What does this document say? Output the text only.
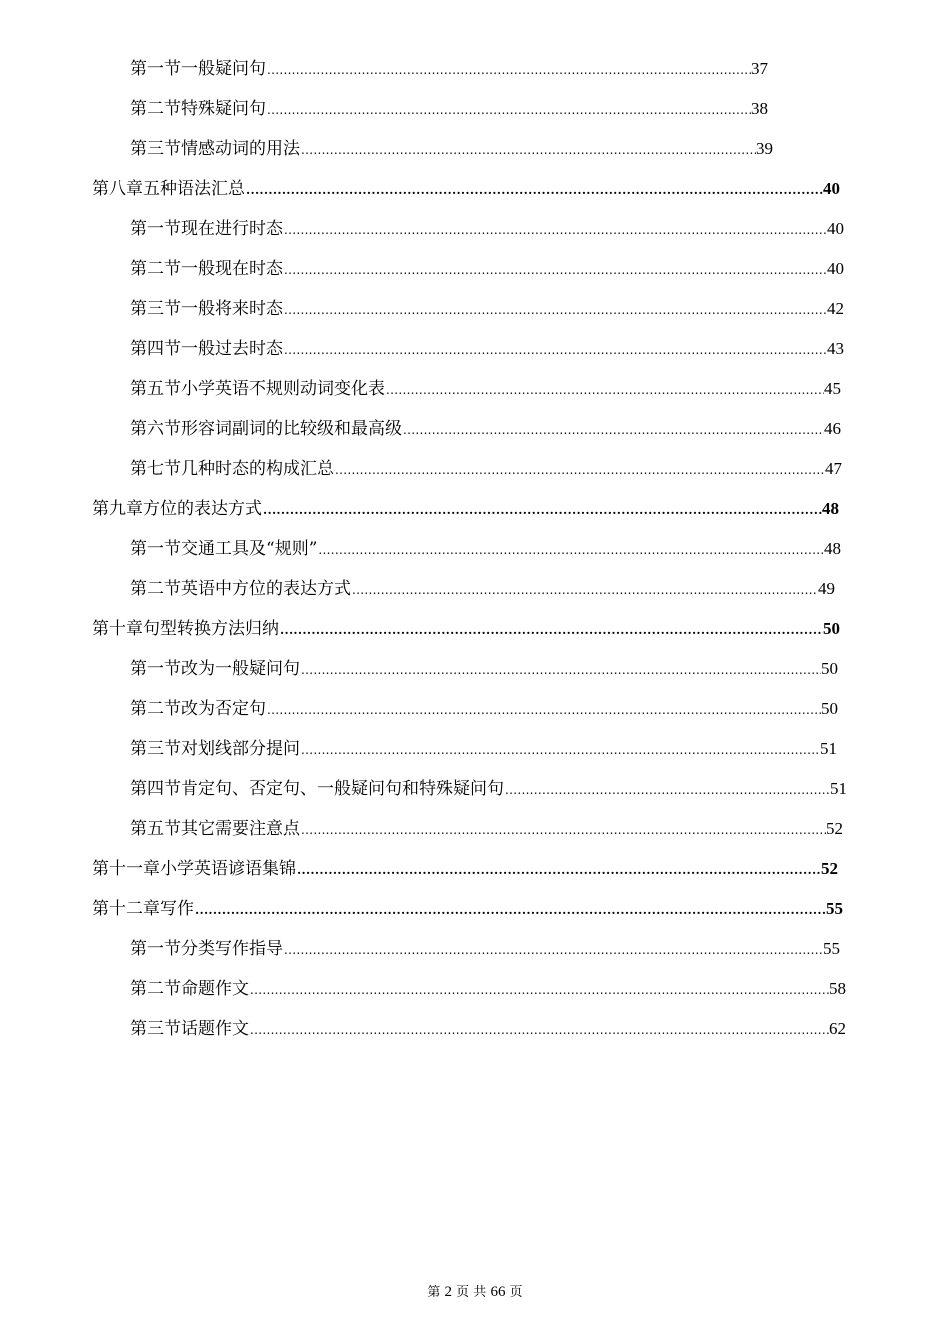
第一节 一般疑问句 .....	37
第二节 特殊疑问句 .....	38
第三节 情感动词的用法 .....	39
第八章 五种语法汇总 .....	40
第一节 现在进行时态 .....	40
第二节 一般现在时态 .....	40
第三节 一般将来时态 .....	42
第四节 一般过去时态 .....	43
第五节 小学英语不规则动词变化表 .....	45
第六节 形容词副词的比较级和最高级 .....	46
第七节 几种时态的构成汇总 .....	47
第九章 方位的表达方式 .....	48
第一节 交通工具及“规则” .....	48
第二节 英语中方位的表达方式 .....	49
第十章 句型转换方法归纳 .....	50
第一节 改为一般疑问句 .....	50
第二节 改为否定句 .....	50
第三节 对划线部分提问 .....	51
第四节 肯定句、否定句、一般疑问句和特殊疑问句 .....	51
第五节 其它需要注意点 .....	52
第十一章 小学英语谚语集锦 .....	52
第十二章 写作 .....	55
第一节 分类写作指导 .....	55
第二节 命题作文 .....	58
第三节 话题作文 .....	62
第 2 页 共 66 页
